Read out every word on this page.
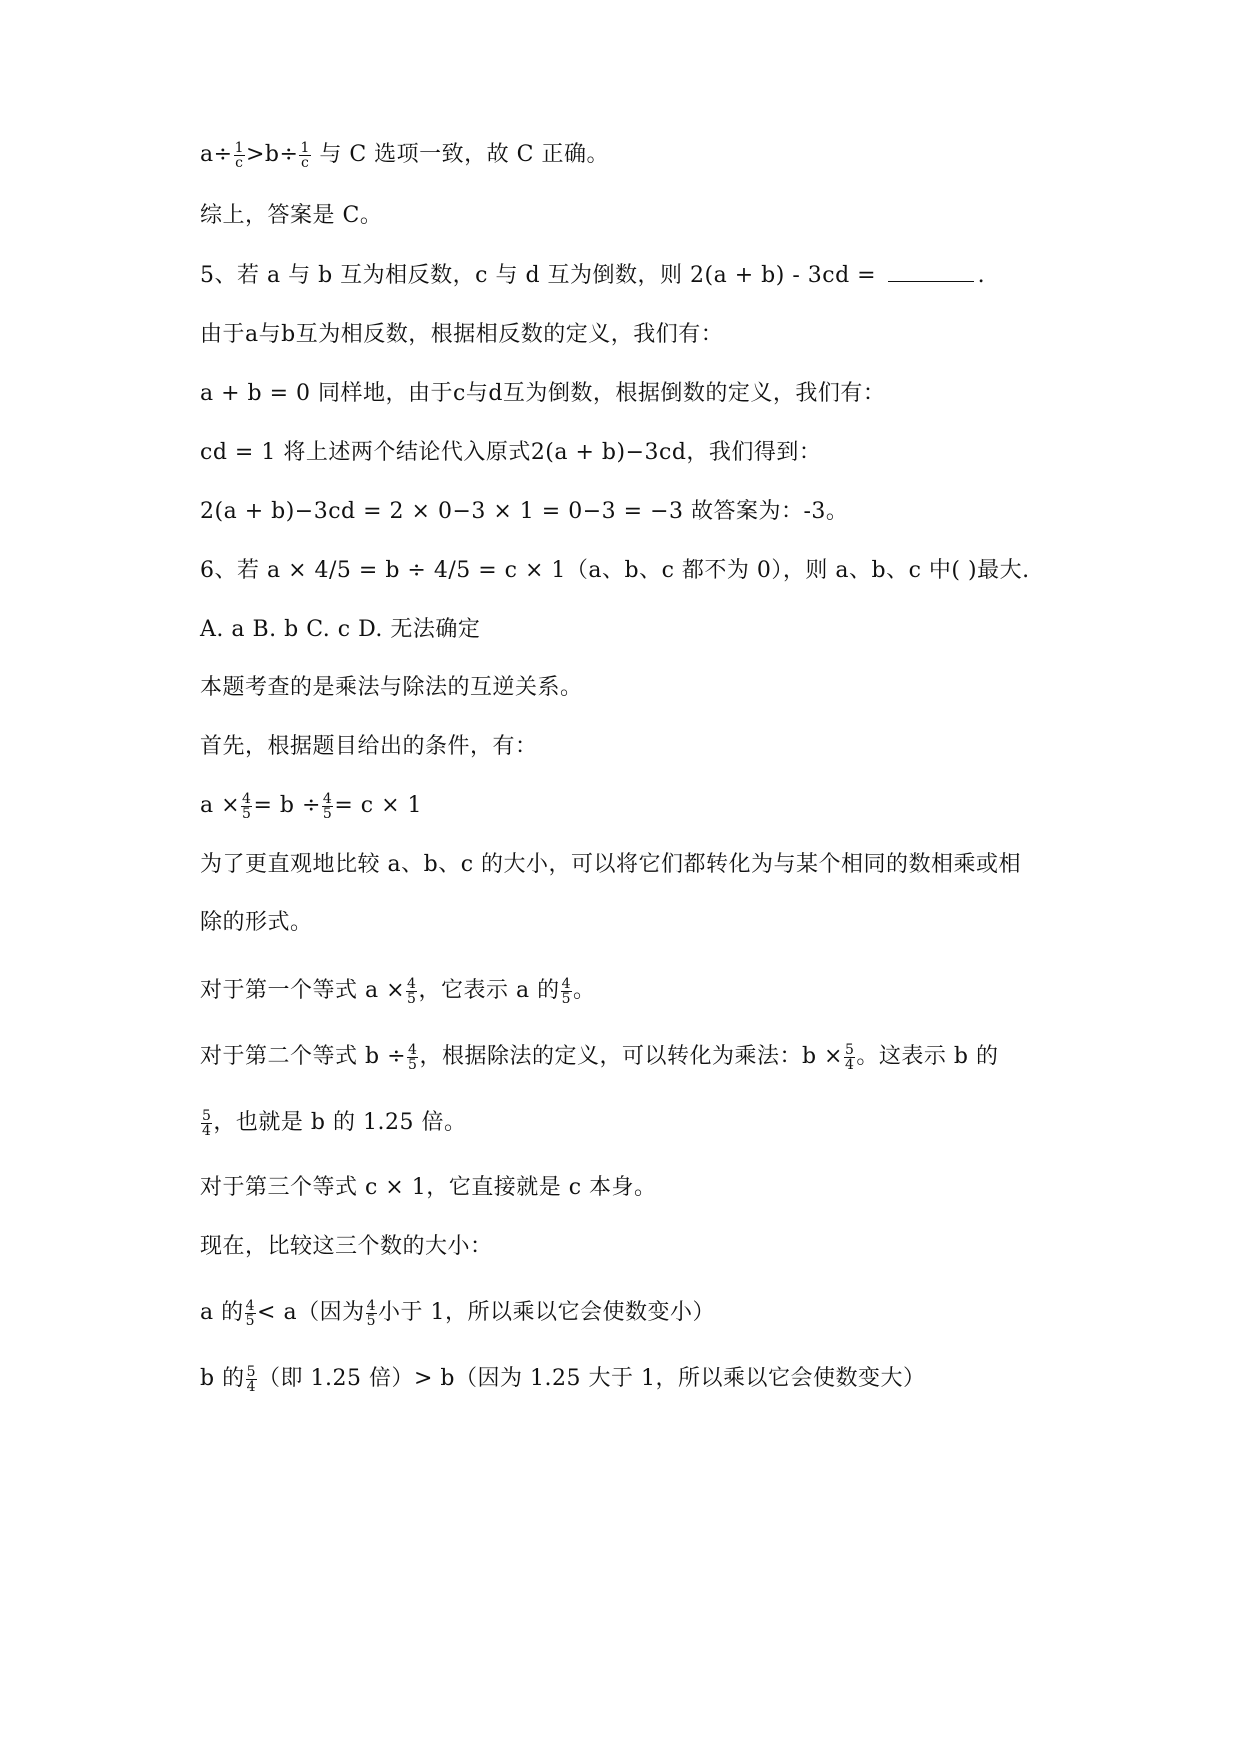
$a\div \frac{1}{c} >b\div \frac{1}{c}$ 与 C 选项一致，故 C 正确。
综上，答案是 C。
5、若 a 与 b 互为相反数，c 与 d 互为倒数，则 2(a + b) - 3cd =	.
由于a与b互为相反数，根据相反数的定义，我们有：
a + b = 0 同样地，由于c与d互为倒数，根据倒数的定义，我们有：
cd = 1 将上述两个结论代入原式2(a + b)−3cd，我们得到：
2(a + b)−3cd = 2 × 0−3 × 1 = 0−3 = −3 故答案为：-3。
6、若 a × 4/5 = b ÷ 4/5 = c × 1（a、b、c 都不为 0），则 a、b、c 中( )最大.
A. a B. b C. c D. 无法确定
本题考查的是乘法与除法的互逆关系。
首先，根据题目给出的条件，有：
$a \times \frac{4}{5} = b \div \frac{4}{5} = c \times 1$
为了更直观地比较 a、b、c 的大小，可以将它们都转化为与某个相同的数相乘或相
除的形式。
对于第一个等式 $a \times \frac{4}{5}$ ，它表示 a 的 $\frac{4}{5}$ 。
对于第二个等式 $b \div \frac{4}{5}$ ，根据除法的定义，可以转化为乘法：$b \times \frac{5}{4}$ 。这表示 b 的
$\frac{5}{4}$ ，也就是 b 的 1.25 倍。
对于第三个等式 c × 1，它直接就是 c 本身。
现在，比较这三个数的大小：
a 的 $\frac{4}{5} < a$（因为 $\frac{4}{5}$ 小于 1，所以乘以它会使数变小）
b 的 $\frac{5}{4}$ （即 1.25 倍）> b（因为 1.25 大于 1，所以乘以它会使数变大）
